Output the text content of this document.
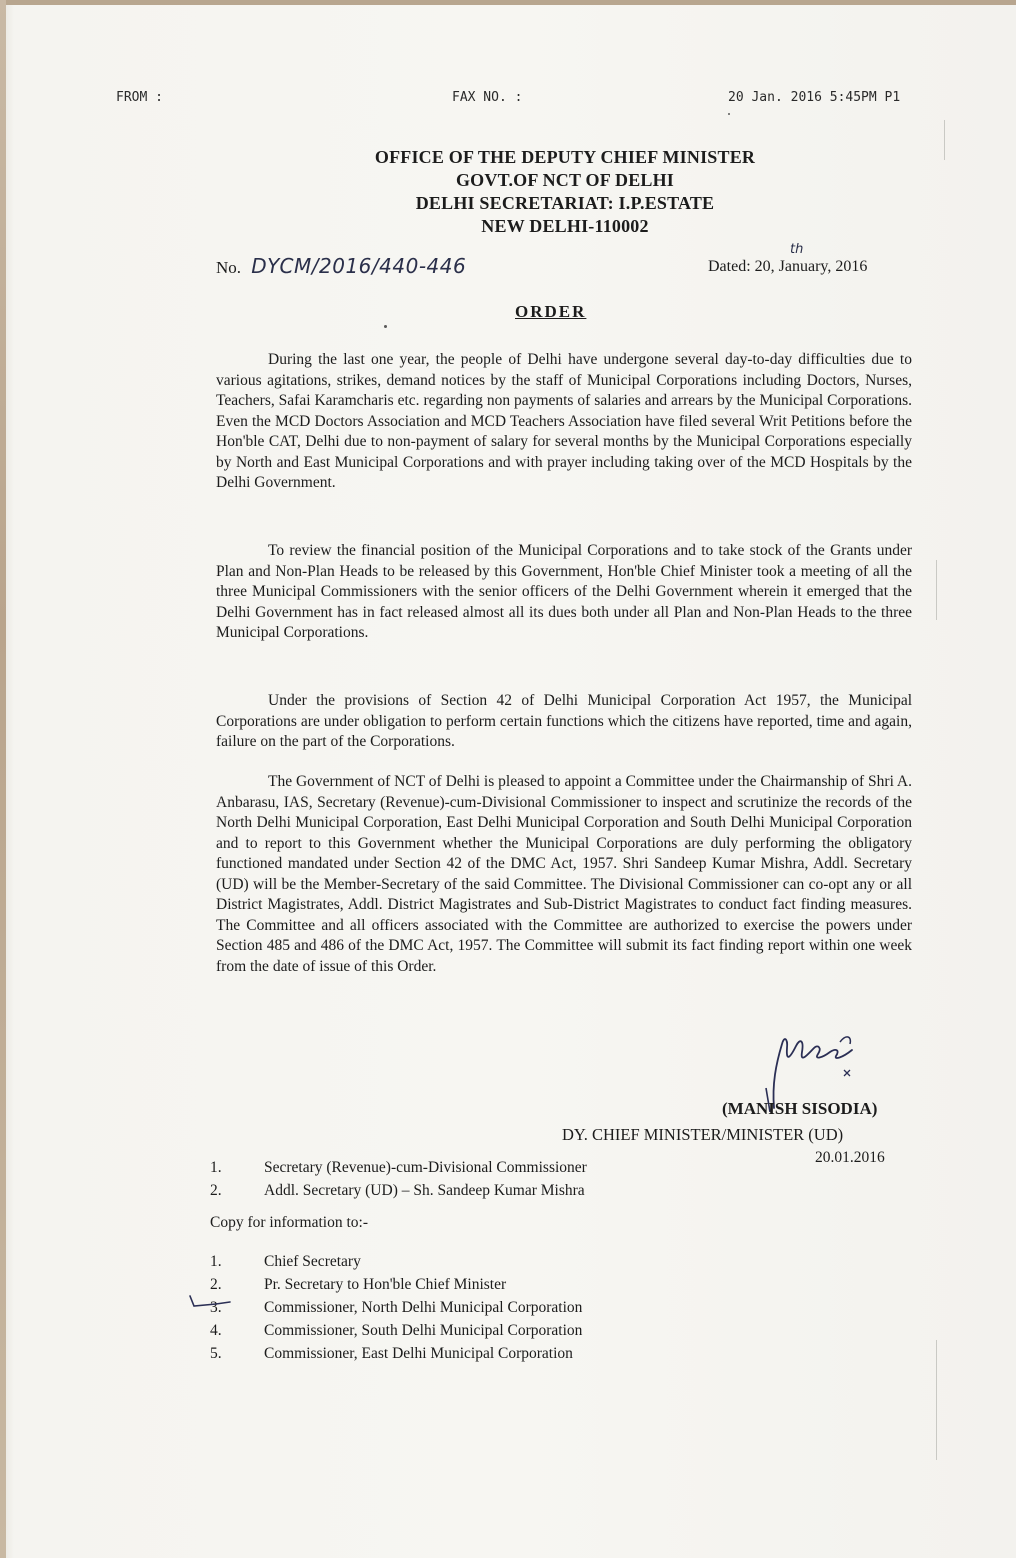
FROM :	FAX NO. :	20 Jan. 2016 5:45PM P1
OFFICE OF THE DEPUTY CHIEF MINISTER
GOVT.OF NCT OF DELHI
DELHI SECRETARIAT: I.P.ESTATE
NEW DELHI-110002
No. DYCM/2016/440-446	Dated: 20, January, 2016
th
ORDER

During the last one year, the people of Delhi have undergone several day-to-day difficulties due to various agitations, strikes, demand notices by the staff of Municipal Corporations including Doctors, Nurses, Teachers, Safai Karamcharis etc. regarding non payments of salaries and arrears by the Municipal Corporations. Even the MCD Doctors Association and MCD Teachers Association have filed several Writ Petitions before the Hon'ble CAT, Delhi due to non-payment of salary for several months by the Municipal Corporations especially by North and East Municipal Corporations and with prayer including taking over of the MCD Hospitals by the Delhi Government.

To review the financial position of the Municipal Corporations and to take stock of the Grants under Plan and Non-Plan Heads to be released by this Government, Hon'ble Chief Minister took a meeting of all the three Municipal Commissioners with the senior officers of the Delhi Government wherein it emerged that the Delhi Government has in fact released almost all its dues both under all Plan and Non-Plan Heads to the three Municipal Corporations.

Under the provisions of Section 42 of Delhi Municipal Corporation Act 1957, the Municipal Corporations are under obligation to perform certain functions which the citizens have reported, time and again, failure on the part of the Corporations.

The Government of NCT of Delhi is pleased to appoint a Committee under the Chairmanship of Shri A. Anbarasu, IAS, Secretary (Revenue)-cum-Divisional Commissioner to inspect and scrutinize the records of the North Delhi Municipal Corporation, East Delhi Municipal Corporation and South Delhi Municipal Corporation and to report to this Government whether the Municipal Corporations are duly performing the obligatory functioned mandated under Section 42 of the DMC Act, 1957. Shri Sandeep Kumar Mishra, Addl. Secretary (UD) will be the Member-Secretary of the said Committee. The Divisional Commissioner can co-opt any or all District Magistrates, Addl. District Magistrates and Sub-District Magistrates to conduct fact finding measures. The Committee and all officers associated with the Committee are authorized to exercise the powers under Section 485 and 486 of the DMC Act, 1957. The Committee will submit its fact finding report within one week from the date of issue of this Order.

(MANISH SISODIA)
DY. CHIEF MINISTER/MINISTER (UD)
20.01.2016
1.	Secretary (Revenue)-cum-Divisional Commissioner
2.	Addl. Secretary (UD) – Sh. Sandeep Kumar Mishra
Copy for information to:-
1.	Chief Secretary
2.	Pr. Secretary to Hon'ble Chief Minister
3.	Commissioner, North Delhi Municipal Corporation
4.	Commissioner, South Delhi Municipal Corporation
5.	Commissioner, East Delhi Municipal Corporation
